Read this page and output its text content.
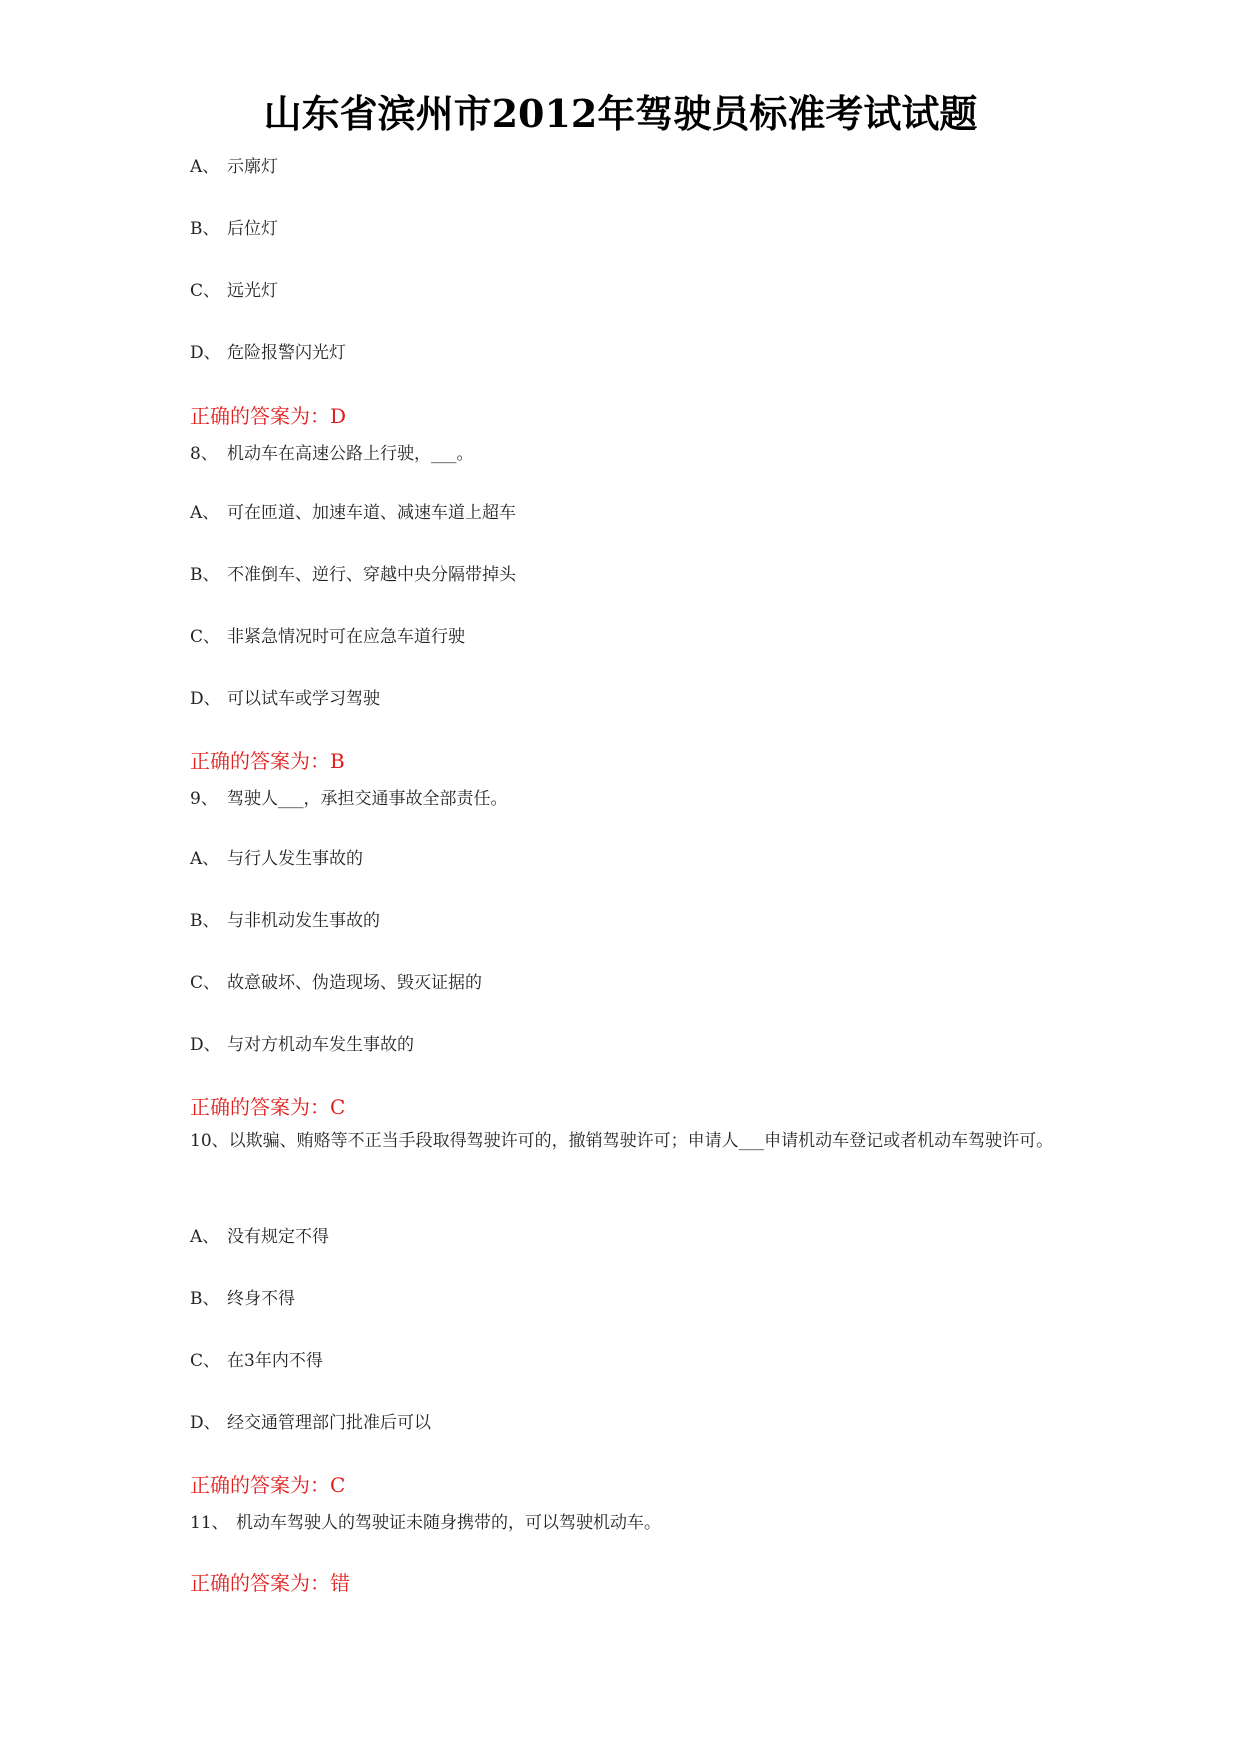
山东省滨州市2012年驾驶员标准考试试题
A、 示廓灯
B、 后位灯
C、 远光灯
D、 危险报警闪光灯
正确的答案为：D
8、 机动车在高速公路上行驶，___。
A、 可在匝道、加速车道、减速车道上超车
B、 不准倒车、逆行、穿越中央分隔带掉头
C、 非紧急情况时可在应急车道行驶
D、 可以试车或学习驾驶
正确的答案为：B
9、 驾驶人___，承担交通事故全部责任。
A、 与行人发生事故的
B、 与非机动发生事故的
C、 故意破坏、伪造现场、毁灭证据的
D、 与对方机动车发生事故的
正确的答案为：C
10、以欺骗、贿赂等不正当手段取得驾驶许可的，撤销驾驶许可；申请人___申请机动车登记或者机动车驾驶许可。
A、 没有规定不得
B、 终身不得
C、 在3年内不得
D、 经交通管理部门批准后可以
正确的答案为：C
11、 机动车驾驶人的驾驶证未随身携带的，可以驾驶机动车。
正确的答案为：错
